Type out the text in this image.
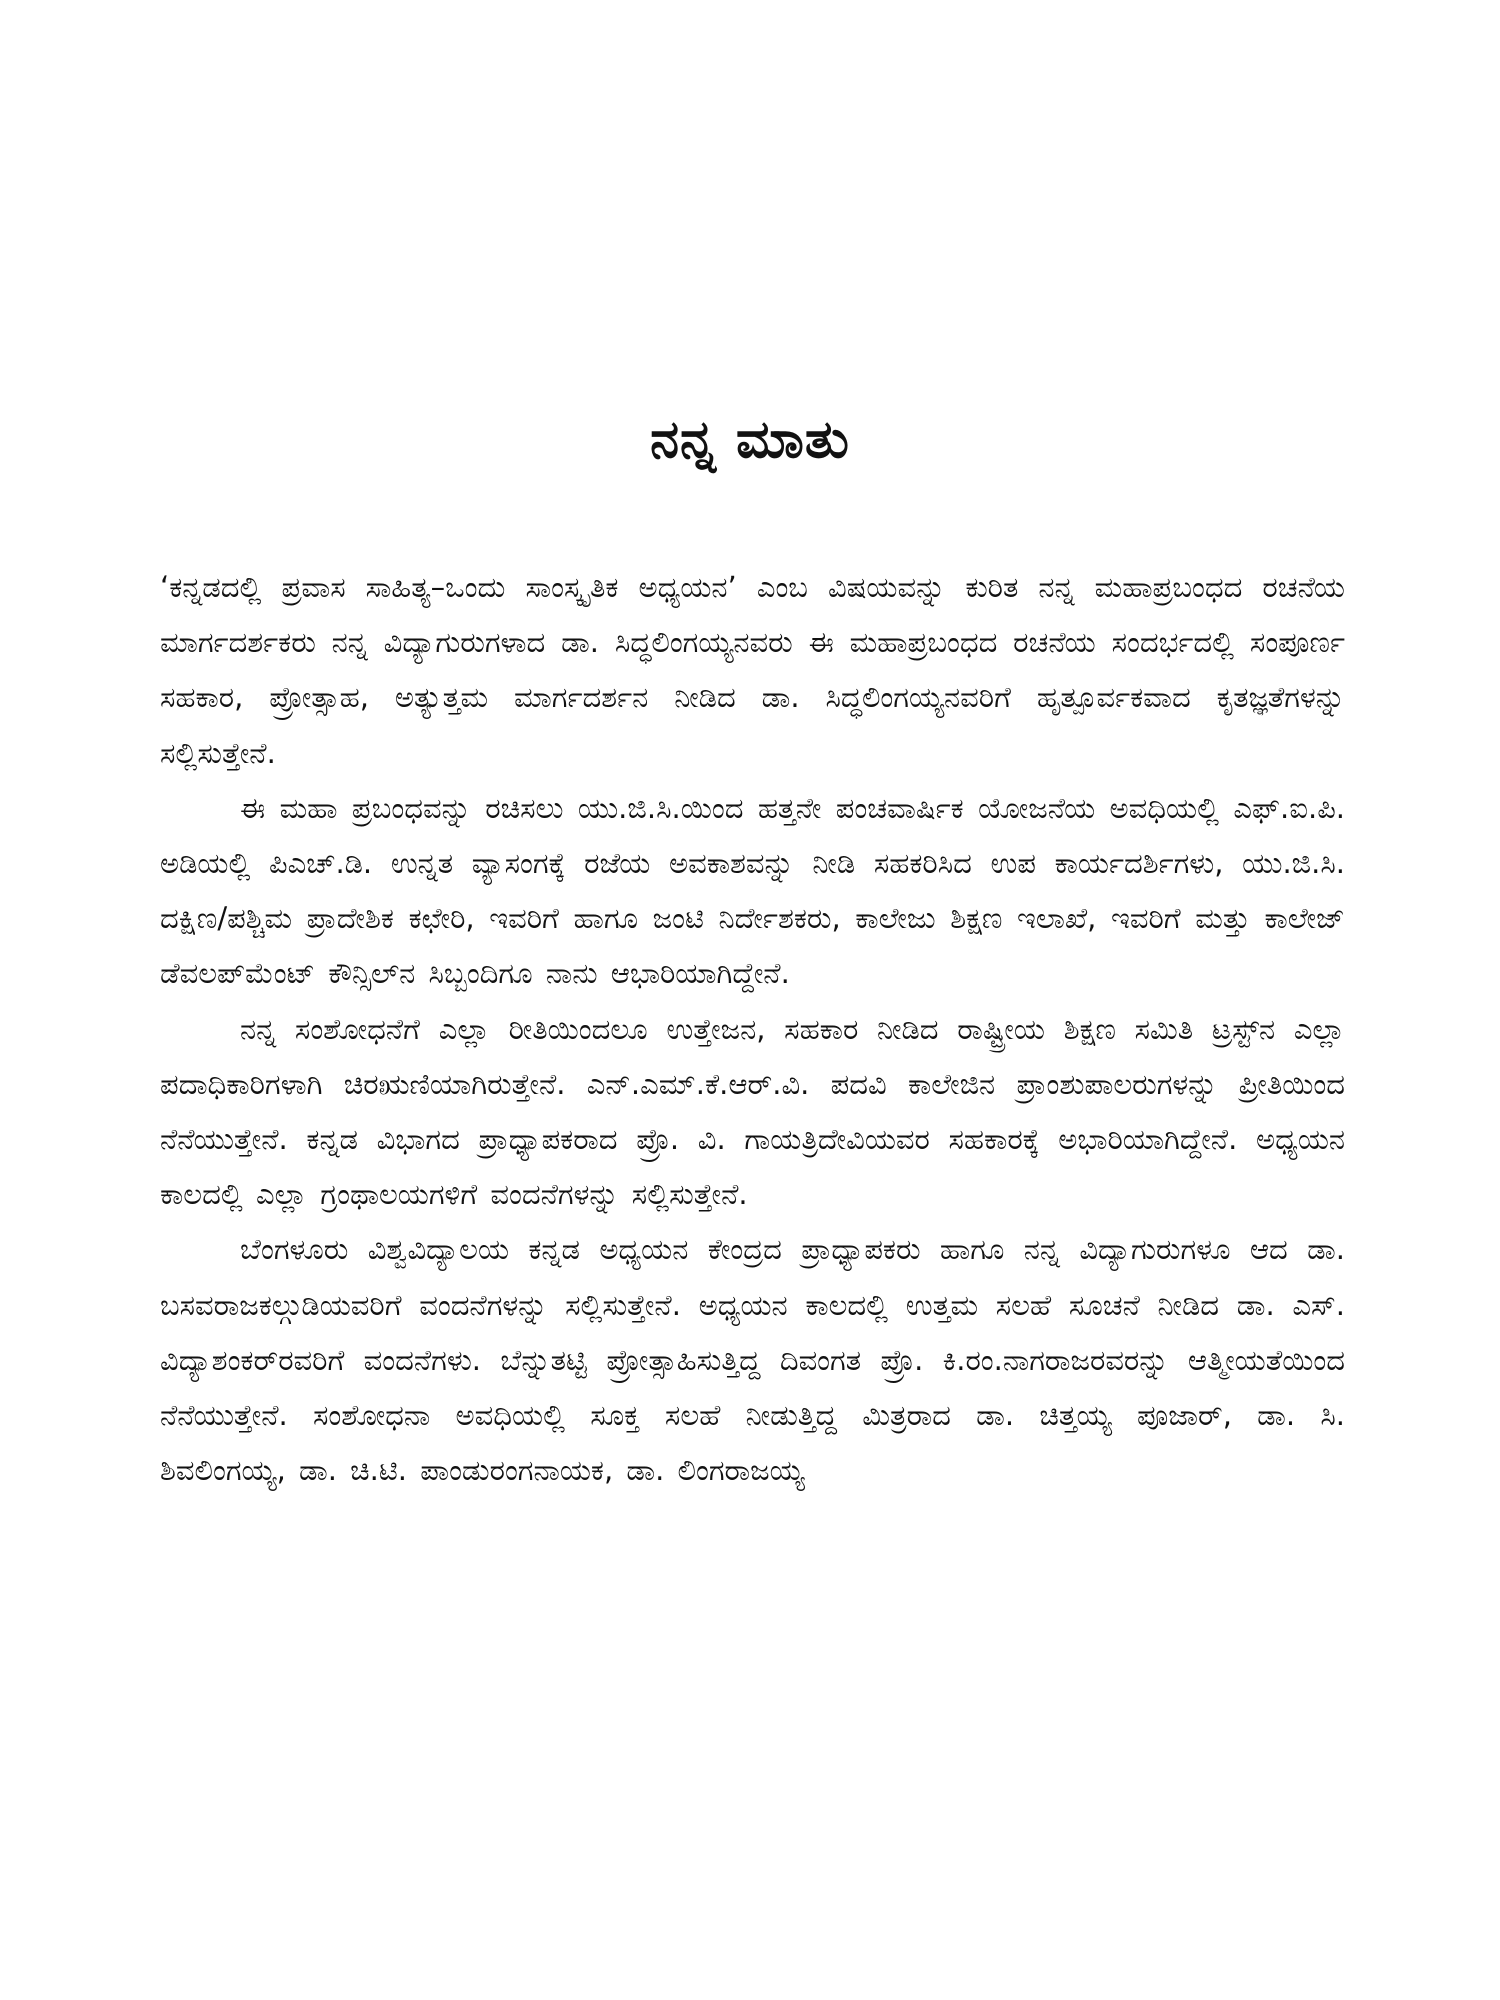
ನನ್ನ ಮಾತು

‘ಕನ್ನಡದಲ್ಲಿ ಪ್ರವಾಸ ಸಾಹಿತ್ಯ–ಒಂದು ಸಾಂಸ್ಕೃತಿಕ ಅಧ್ಯಯನ’ ಎಂಬ ವಿಷಯವನ್ನು ಕುರಿತ ನನ್ನ ಮಹಾಪ್ರಬಂಧದ ರಚನೆಯ ಮಾರ್ಗದರ್ಶಕರು ನನ್ನ ವಿದ್ಯಾಗುರುಗಳಾದ ಡಾ. ಸಿದ್ಧಲಿಂಗಯ್ಯನವರು ಈ ಮಹಾಪ್ರಬಂಧದ ರಚನೆಯ ಸಂದರ್ಭದಲ್ಲಿ ಸಂಪೂರ್ಣ ಸಹಕಾರ, ಪ್ರೋತ್ಸಾಹ, ಅತ್ಯುತ್ತಮ ಮಾರ್ಗದರ್ಶನ ನೀಡಿದ ಡಾ. ಸಿದ್ಧಲಿಂಗಯ್ಯನವರಿಗೆ ಹೃತ್ಪೂರ್ವಕವಾದ ಕೃತಜ್ಞತೆಗಳನ್ನು ಸಲ್ಲಿಸುತ್ತೇನೆ.

ಈ ಮಹಾ ಪ್ರಬಂಧವನ್ನು ರಚಿಸಲು ಯು.ಜಿ.ಸಿ.ಯಿಂದ ಹತ್ತನೇ ಪಂಚವಾರ್ಷಿಕ ಯೋಜನೆಯ ಅವಧಿಯಲ್ಲಿ ಎಫ್.ಐ.ಪಿ. ಅಡಿಯಲ್ಲಿ ಪಿಎಚ್.ಡಿ. ಉನ್ನತ ವ್ಯಾಸಂಗಕ್ಕೆ ರಜೆಯ ಅವಕಾಶವನ್ನು ನೀಡಿ ಸಹಕರಿಸಿದ ಉಪ ಕಾರ್ಯದರ್ಶಿಗಳು, ಯು.ಜಿ.ಸಿ. ದಕ್ಷಿಣ/ಪಶ್ಚಿಮ ಪ್ರಾದೇಶಿಕ ಕಛೇರಿ, ಇವರಿಗೆ ಹಾಗೂ ಜಂಟಿ ನಿರ್ದೇಶಕರು, ಕಾಲೇಜು ಶಿಕ್ಷಣ ಇಲಾಖೆ, ಇವರಿಗೆ ಮತ್ತು ಕಾಲೇಜ್ ಡೆವಲಪ್‌ಮೆಂಟ್ ಕೌನ್ಸಿಲ್‌ನ ಸಿಬ್ಬಂದಿಗೂ ನಾನು ಆಭಾರಿಯಾಗಿದ್ದೇನೆ.

ನನ್ನ ಸಂಶೋಧನೆಗೆ ಎಲ್ಲಾ ರೀತಿಯಿಂದಲೂ ಉತ್ತೇಜನ, ಸಹಕಾರ ನೀಡಿದ ರಾಷ್ಟ್ರೀಯ ಶಿಕ್ಷಣ ಸಮಿತಿ ಟ್ರಸ್ಟ್‌ನ ಎಲ್ಲಾ ಪದಾಧಿಕಾರಿಗಳಾಗಿ ಚಿರಋಣಿಯಾಗಿರುತ್ತೇನೆ. ಎನ್.ಎಮ್.ಕೆ.ಆರ್.ವಿ. ಪದವಿ ಕಾಲೇಜಿನ ಪ್ರಾಂಶುಪಾಲರುಗಳನ್ನು ಪ್ರೀತಿಯಿಂದ ನೆನೆಯುತ್ತೇನೆ. ಕನ್ನಡ ವಿಭಾಗದ ಪ್ರಾಧ್ಯಾಪಕರಾದ ಪ್ರೊ. ವಿ. ಗಾಯತ್ರಿದೇವಿಯವರ ಸಹಕಾರಕ್ಕೆ ಅಭಾರಿಯಾಗಿದ್ದೇನೆ. ಅಧ್ಯಯನ ಕಾಲದಲ್ಲಿ ಎಲ್ಲಾ ಗ್ರಂಥಾಲಯಗಳಿಗೆ ವಂದನೆಗಳನ್ನು ಸಲ್ಲಿಸುತ್ತೇನೆ.

ಬೆಂಗಳೂರು ವಿಶ್ವವಿದ್ಯಾಲಯ ಕನ್ನಡ ಅಧ್ಯಯನ ಕೇಂದ್ರದ ಪ್ರಾಧ್ಯಾಪಕರು ಹಾಗೂ ನನ್ನ ವಿದ್ಯಾಗುರುಗಳೂ ಆದ ಡಾ. ಬಸವರಾಜಕಲ್ಗುಡಿಯವರಿಗೆ ವಂದನೆಗಳನ್ನು ಸಲ್ಲಿಸುತ್ತೇನೆ. ಅಧ್ಯಯನ ಕಾಲದಲ್ಲಿ ಉತ್ತಮ ಸಲಹೆ ಸೂಚನೆ ನೀಡಿದ ಡಾ. ಎಸ್. ವಿದ್ಯಾಶಂಕರ್‌ರವರಿಗೆ ವಂದನೆಗಳು. ಬೆನ್ನುತಟ್ಟಿ ಪ್ರೋತ್ಸಾಹಿಸುತ್ತಿದ್ದ ದಿವಂಗತ ಪ್ರೊ. ಕಿ.ರಂ.ನಾಗರಾಜರವರನ್ನು ಆತ್ಮೀಯತೆಯಿಂದ ನೆನೆಯುತ್ತೇನೆ. ಸಂಶೋಧನಾ ಅವಧಿಯಲ್ಲಿ ಸೂಕ್ತ ಸಲಹೆ ನೀಡುತ್ತಿದ್ದ ಮಿತ್ರರಾದ ಡಾ. ಚಿತ್ತಯ್ಯ ಪೂಜಾರ್, ಡಾ. ಸಿ. ಶಿವಲಿಂಗಯ್ಯ, ಡಾ. ಚಿ.ಟಿ. ಪಾಂಡುರಂಗನಾಯಕ, ಡಾ. ಲಿಂಗರಾಜಯ್ಯ
